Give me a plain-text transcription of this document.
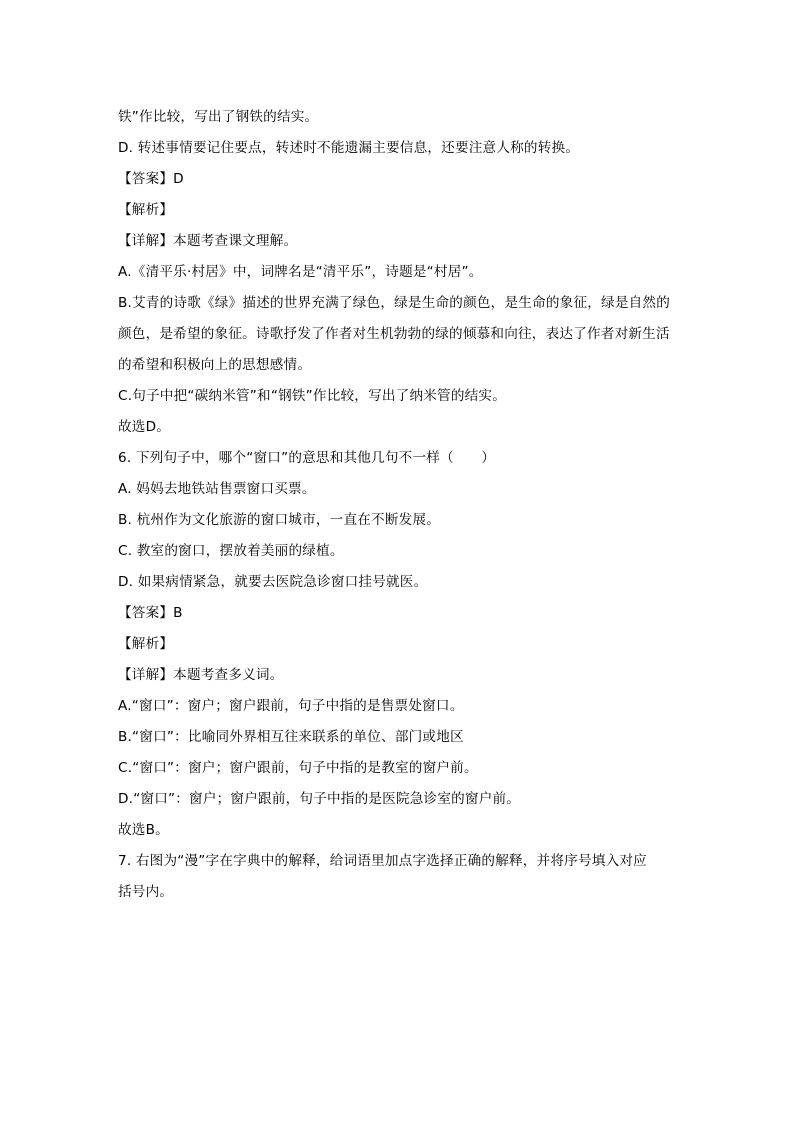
铁”作比较，写出了钢铁的结实。
D. 转述事情要记住要点，转述时不能遗漏主要信息，还要注意人称的转换。
【答案】D
【解析】
【详解】本题考查课文理解。
A.《清平乐·村居》中，词牌名是“清平乐”，诗题是“村居”。
B.艾青的诗歌《绿》描述的世界充满了绿色，绿是生命的颜色，是生命的象征，绿是自然的
颜色，是希望的象征。诗歌抒发了作者对生机勃勃的绿的倾慕和向往，表达了作者对新生活
的希望和积极向上的思想感情。
C.句子中把“碳纳米管”和“钢铁”作比较，写出了纳米管的结实。
故选D。
6. 下列句子中，哪个“窗口”的意思和其他几句不一样（　　）
A. 妈妈去地铁站售票窗口买票。
B. 杭州作为文化旅游的窗口城市，一直在不断发展。
C. 教室的窗口，摆放着美丽的绿植。
D. 如果病情紧急，就要去医院急诊窗口挂号就医。
【答案】B
【解析】
【详解】本题考查多义词。
A.“窗口”：窗户；窗户跟前，句子中指的是售票处窗口。
B.“窗口”：比喻同外界相互往来联系的单位、部门或地区
C.“窗口”：窗户；窗户跟前，句子中指的是教室的窗户前。
D.“窗口”：窗户；窗户跟前，句子中指的是医院急诊室的窗户前。
故选B。
7. 右图为“漫”字在字典中的解释，给词语里加点字选择正确的解释，并将序号填入对应
括号内。
